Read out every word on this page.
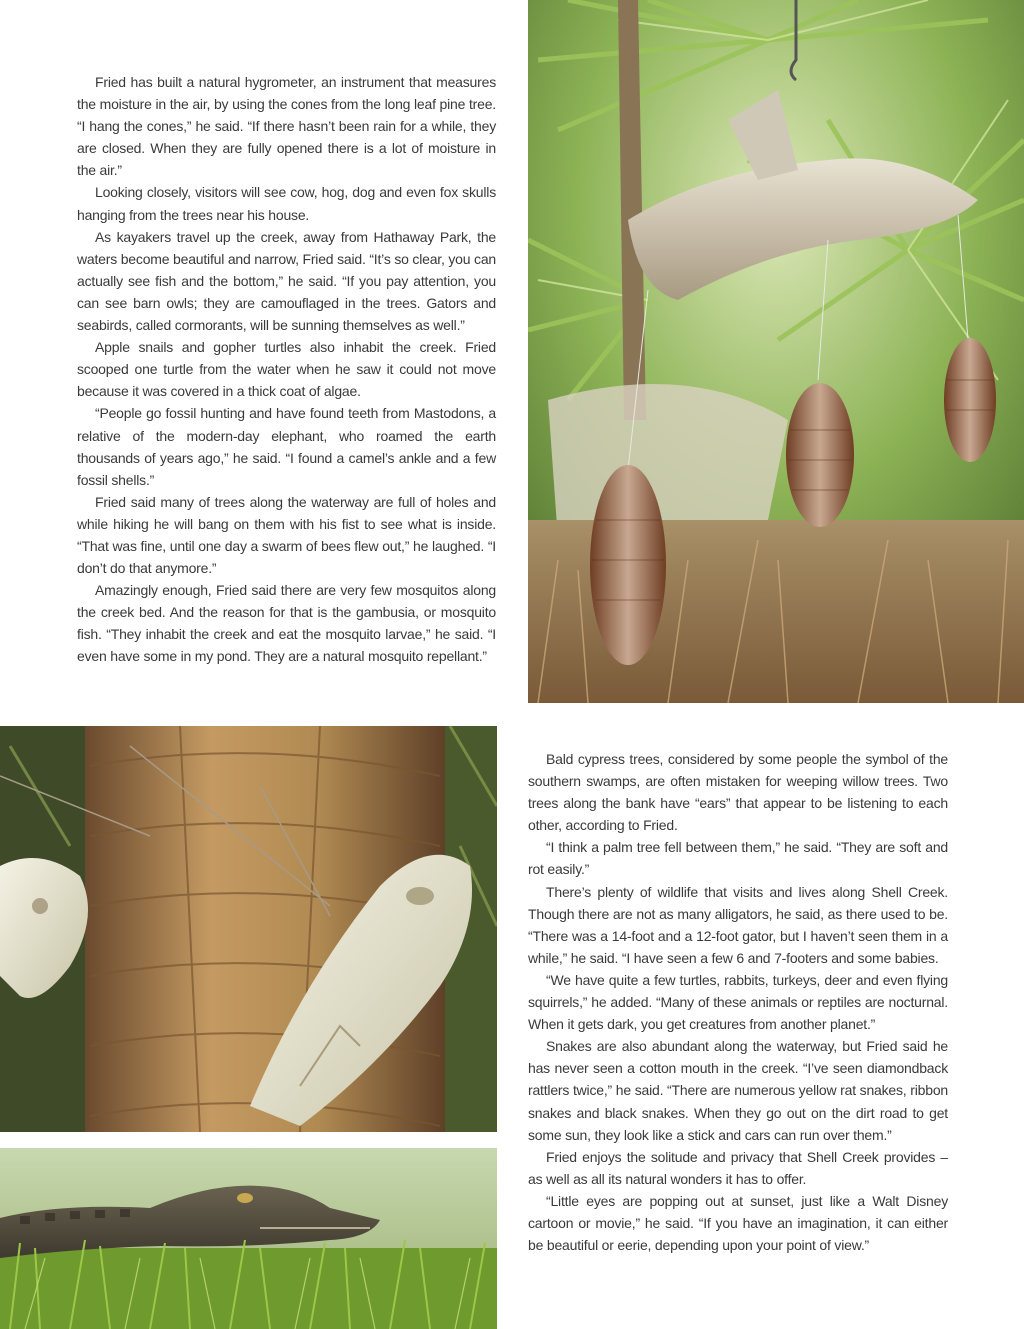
Fried has built a natural hygrometer, an instrument that measures the moisture in the air, by using the cones from the long leaf pine tree. “I hang the cones,” he said. “If there hasn’t been rain for a while, they are closed. When they are fully opened there is a lot of moisture in the air.”

Looking closely, visitors will see cow, hog, dog and even fox skulls hanging from the trees near his house.

As kayakers travel up the creek, away from Hathaway Park, the waters become beautiful and narrow, Fried said. “It’s so clear, you can actually see fish and the bottom,” he said. “If you pay attention, you can see barn owls; they are camouflaged in the trees. Gators and seabirds, called cormorants, will be sunning themselves as well.”

Apple snails and gopher turtles also inhabit the creek. Fried scooped one turtle from the water when he saw it could not move because it was covered in a thick coat of algae.

“People go fossil hunting and have found teeth from Mastodons, a relative of the modern-day elephant, who roamed the earth thousands of years ago,” he said. “I found a camel’s ankle and a few fossil shells.”

Fried said many of trees along the waterway are full of holes and while hiking he will bang on them with his fist to see what is inside. “That was fine, until one day a swarm of bees flew out,” he laughed. “I don’t do that anymore.”

Amazingly enough, Fried said there are very few mosquitos along the creek bed. And the reason for that is the gambusia, or mosquito fish. “They inhabit the creek and eat the mosquito larvae,” he said. “I even have some in my pond. They are a natural mosquito repellant.”

Bald cypress trees, considered by some people the symbol of the southern swamps, are often mistaken for weeping willow trees. Two trees along the bank have “ears” that appear to be listening to each other, according to Fried.

“I think a palm tree fell between them,” he said. “They are soft and rot easily.”

There’s plenty of wildlife that visits and lives along Shell Creek. Though there are not as many alligators, he said, as there used to be. “There was a 14-foot and a 12-foot gator, but I haven’t seen them in a while,” he said. “I have seen a few 6 and 7-footers and some babies.

“We have quite a few turtles, rabbits, turkeys, deer and even flying squirrels,” he added. “Many of these animals or reptiles are nocturnal. When it gets dark, you get creatures from another planet.”

Snakes are also abundant along the waterway, but Fried said he has never seen a cotton mouth in the creek. “I’ve seen diamondback rattlers twice,” he said. “There are numerous yellow rat snakes, ribbon snakes and black snakes. When they go out on the dirt road to get some sun, they look like a stick and cars can run over them.”

Fried enjoys the solitude and privacy that Shell Creek provides – as well as all its natural wonders it has to offer.

“Little eyes are popping out at sunset, just like a Walt Disney cartoon or movie,” he said. “If you have an imagination, it can either be beautiful or eerie, depending upon your point of view.”
